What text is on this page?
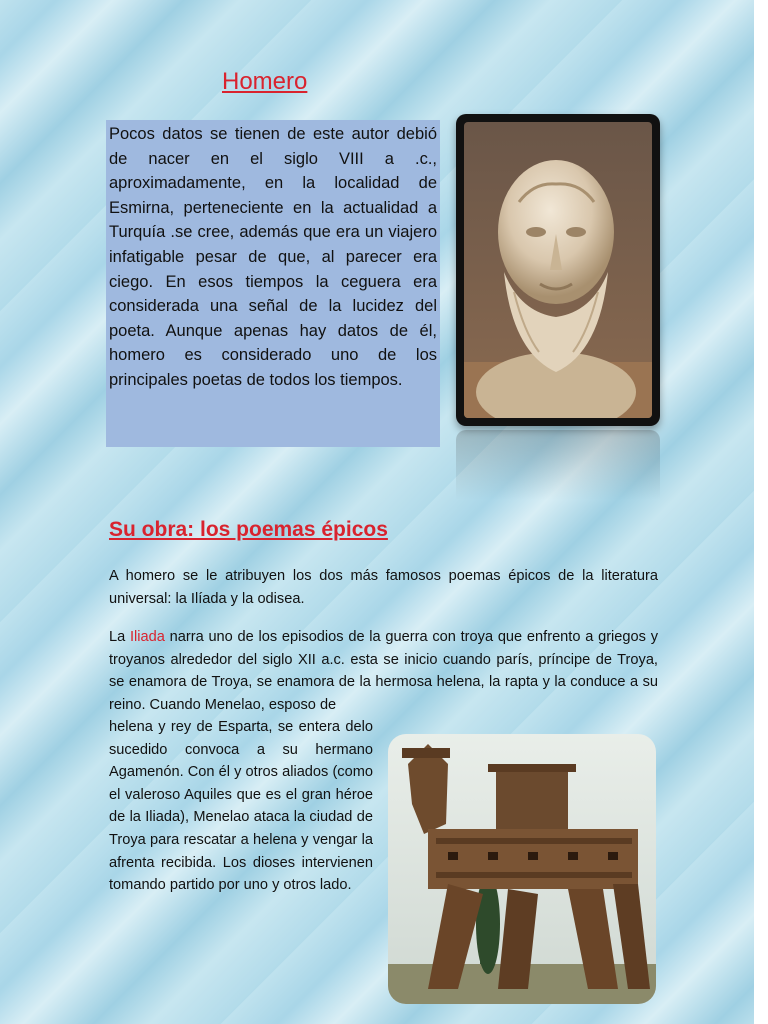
Homero
Pocos datos se tienen de este autor debió de nacer en el siglo VIII a .c., aproximadamente, en la localidad de Esmirna, perteneciente en la actualidad a Turquía .se cree, además que era un viajero infatigable pesar de que, al parecer era ciego. En esos tiempos la ceguera era considerada una señal de la lucidez del poeta. Aunque apenas hay datos de él, homero es considerado uno de los principales poetas de todos los tiempos.
Su obra: los poemas épicos

A homero se le atribuyen los dos más famosos poemas épicos de la literatura universal: la Ilíada y la odisea.

La Iliada narra uno de los episodios de la guerra con troya que enfrento a griegos y troyanos alrededor del siglo XII a.c. esta se inicio cuando parís, príncipe de Troya, se enamora de Troya, se enamora de la hermosa helena, la rapta y la conduce a su reino. Cuando Menelao, esposo de

helena y rey de Esparta, se entera delo sucedido convoca a su hermano Agamenón. Con él y otros aliados (como el valeroso Aquiles que es el gran héroe de la Iliada), Menelao ataca la ciudad de Troya para rescatar a helena y vengar la afrenta recibida. Los dioses intervienen tomando partido por uno y otros lado.
